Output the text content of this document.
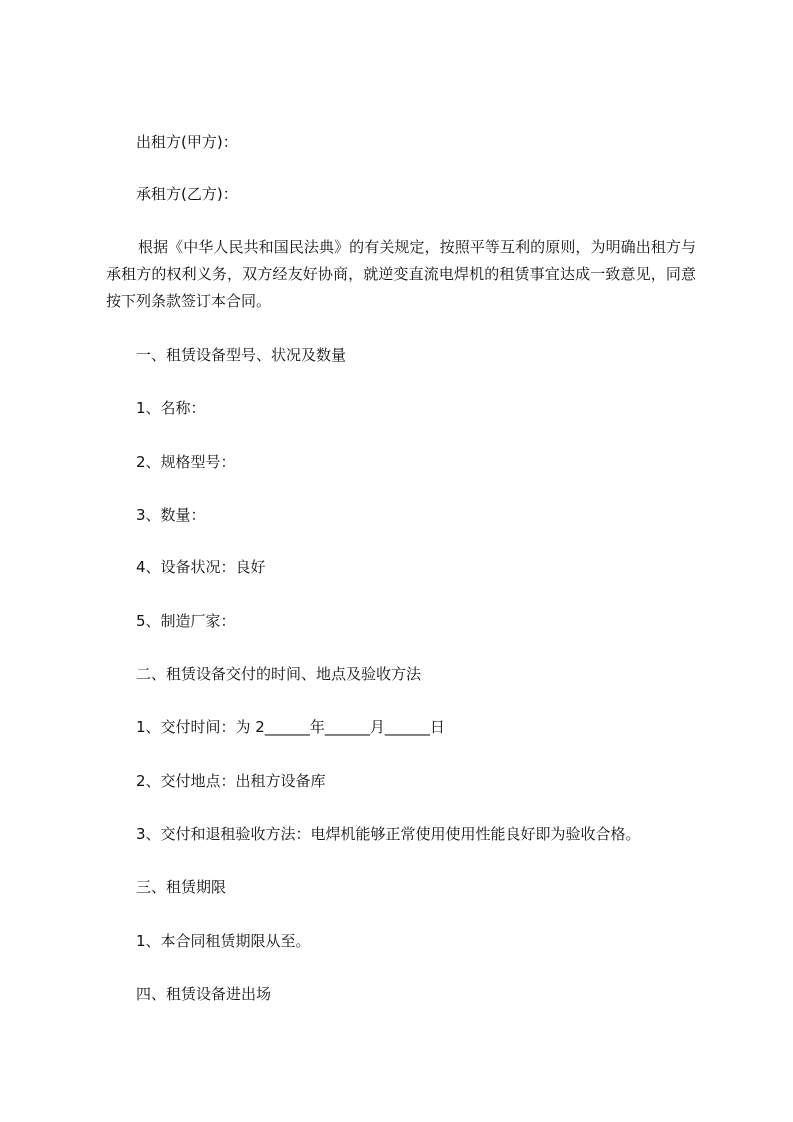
出租方(甲方)：
承租方(乙方)：
根据《中华人民共和国民法典》的有关规定，按照平等互利的原则，为明确出租方与承租方的权利义务，双方经友好协商，就逆变直流电焊机的租赁事宜达成一致意见，同意按下列条款签订本合同。
一、租赁设备型号、状况及数量
1、名称：
2、规格型号：
3、数量：
4、设备状况：良好
5、制造厂家：
二、租赁设备交付的时间、地点及验收方法
1、交付时间：为 2______年______月______日
2、交付地点：出租方设备库
3、交付和退租验收方法：电焊机能够正常使用使用性能良好即为验收合格。
三、租赁期限
1、本合同租赁期限从至。
四、租赁设备进出场
